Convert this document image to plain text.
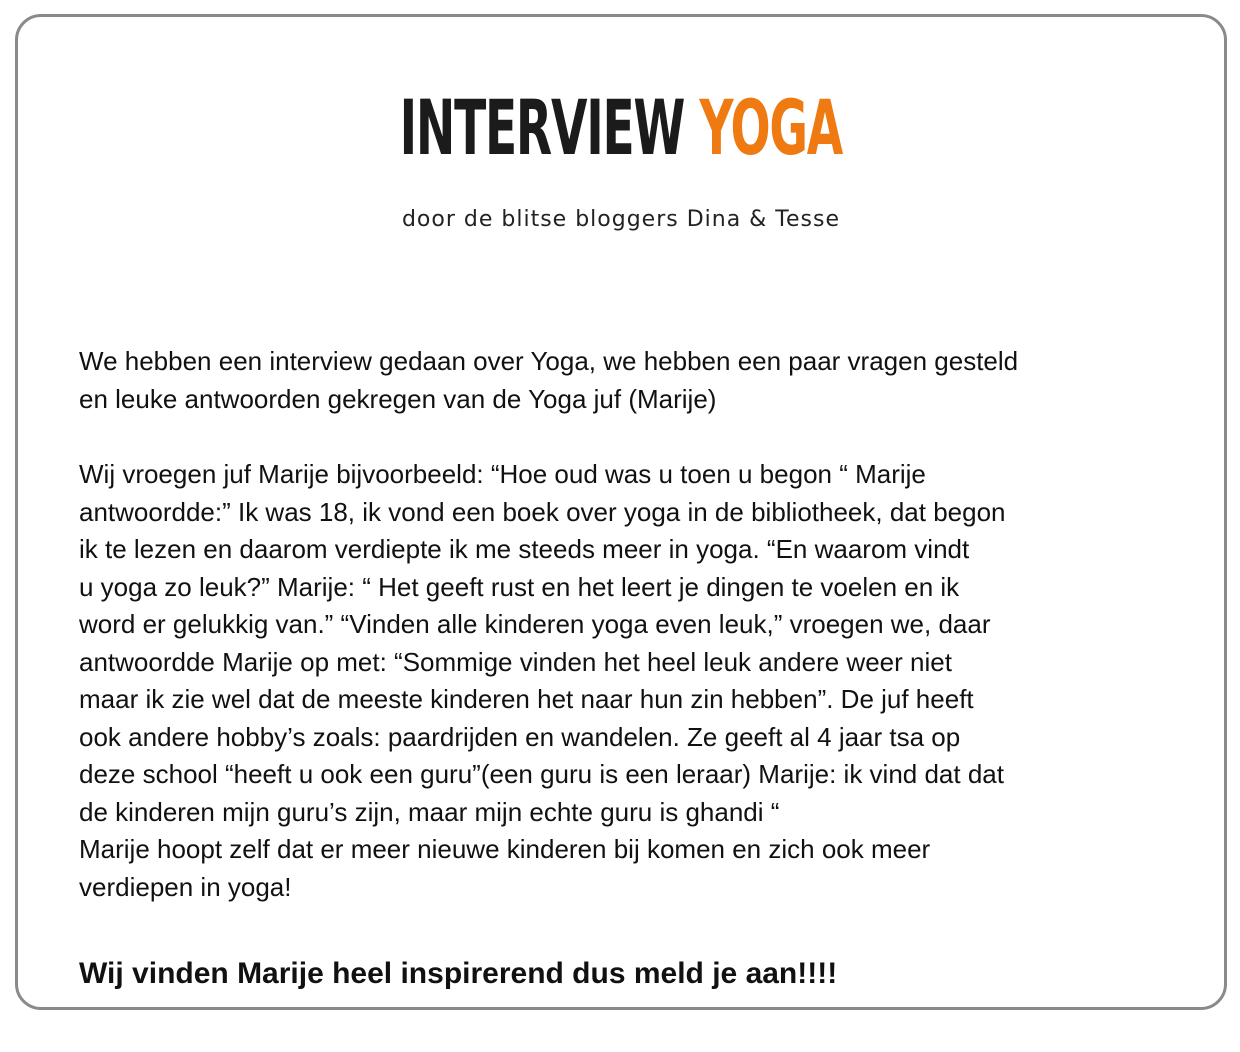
INTERVIEW YOGA
door de blitse bloggers Dina & Tesse

We hebben een interview gedaan over Yoga, we hebben een paar vragen gesteld
en leuke antwoorden gekregen van de Yoga juf (Marije)

Wij vroegen juf Marije bijvoorbeeld: “Hoe oud was u toen u begon “ Marije
antwoordde:” Ik was 18, ik vond een boek over yoga in de bibliotheek, dat begon
ik te lezen en daarom verdiepte ik me steeds meer in yoga. “En waarom vindt
u yoga zo leuk?” Marije: “ Het geeft rust en het leert je dingen te voelen en ik
word er gelukkig van.” “Vinden alle kinderen yoga even leuk,” vroegen we, daar
antwoordde Marije op met: “Sommige vinden het heel leuk andere weer niet
maar ik zie wel dat de meeste kinderen het naar hun zin hebben”. De juf heeft
ook andere hobby’s zoals: paardrijden en wandelen. Ze geeft al 4 jaar tsa op
deze school “heeft u ook een guru”(een guru is een leraar) Marije: ik vind dat dat
de kinderen mijn guru’s zijn, maar mijn echte guru is ghandi “
Marije hoopt zelf dat er meer nieuwe kinderen bij komen en zich ook meer
verdiepen in yoga!

Wij vinden Marije heel inspirerend dus meld je aan!!!!
